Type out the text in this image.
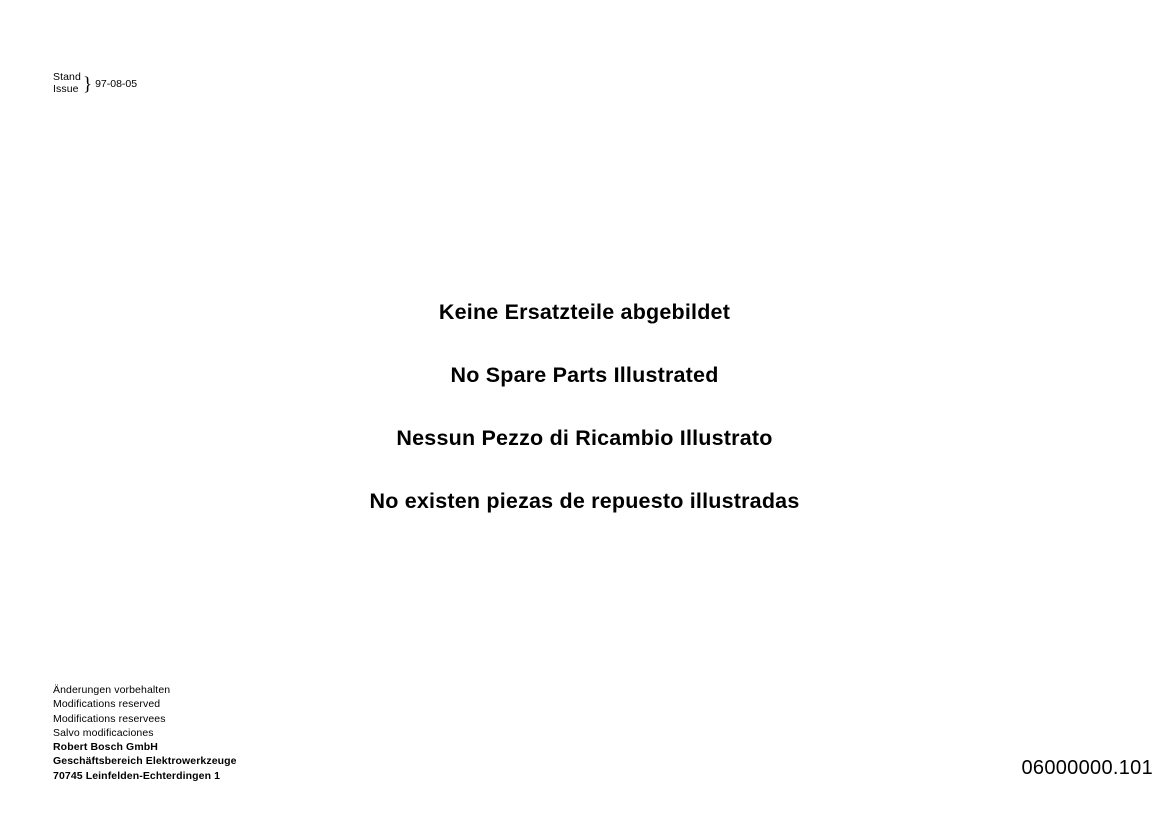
Stand
Issue } 97-08-05

Keine Ersatzteile abgebildet

No Spare Parts Illustrated

Nessun Pezzo di Ricambio Illustrato

No existen piezas de repuesto illustradas

Änderungen vorbehalten
Modifications reserved
Modifications reservees
Salvo modificaciones
Robert Bosch GmbH
Geschäftsbereich Elektrowerkzeuge
70745 Leinfelden-Echterdingen 1	06000000.101
